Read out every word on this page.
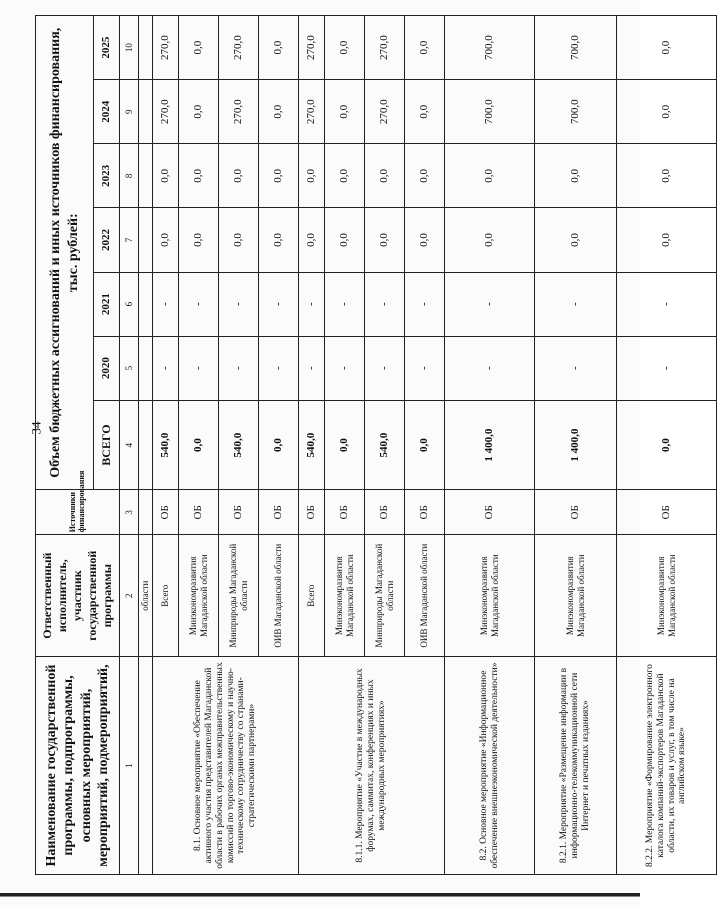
34
Наименование государственной программы, подпрограммы, основных мероприятий, мероприятий, подмероприятий,	Ответственный исполнитель, участник государственной программы	Источники финансирования	Объем бюджетных ассигнований и иных источников финансирования, тыс. рублей:						
			ВСЕГО	2020	2021	2022	2023	2024	2025
1	2	3	4	5	6	7	8	9	10
	области								
8.1. Основное мероприятие «Обеспечение активного участия представителей Магаданской области в рабочих органах межправительственных комиссий по торгово-экономическому и научно-техническому сотрудничеству со странами- стратегическими партнерами»	Всего	ОБ	540,0	-	-	0,0	0,0	270,0	270,0
	Минэкономразвития Магаданской области	ОБ	0,0	-	-	0,0	0,0	0,0	0,0
	Минприроды Магаданской области	ОБ	540,0	-	-	0,0	0,0	270,0	270,0
	ОИВ Магаданской области	ОБ	0,0	-	-	0,0	0,0	0,0	0,0
8.1.1. Мероприятие «Участие в международных форумах, саммитах, конференциях и иных международных мероприятиях»	Всего	ОБ	540,0	-	-	0,0	0,0	270,0	270,0
	Минэкономразвития Магаданской области	ОБ	0,0	-	-	0,0	0,0	0,0	0,0
	Минприроды Магаданской области	ОБ	540,0	-	-	0,0	0,0	270,0	270,0
	ОИВ Магаданской области	ОБ	0,0	-	-	0,0	0,0	0,0	0,0
8.2. Основное мероприятие «Информационное обеспечение внешнеэкономической деятельности»	Минэкономразвития Магаданской области	ОБ	1 400,0	-	-	0,0	0,0	700,0	700,0
8.2.1. Мероприятие «Размещение информации в информационно-телекоммуникационной сети Интернет и печатных изданиях»	Минэкономразвития Магаданской области	ОБ	1 400,0	-	-	0,0	0,0	700,0	700,0
8.2.2. Мероприятие «Формирование электронного каталога компаний-экспортеров Магаданской области, их товаров и услуг, в том числе на английском языке»	Минэкономразвития Магаданской области	ОБ	0,0	-	-	0,0	0,0	0,0	0,0
